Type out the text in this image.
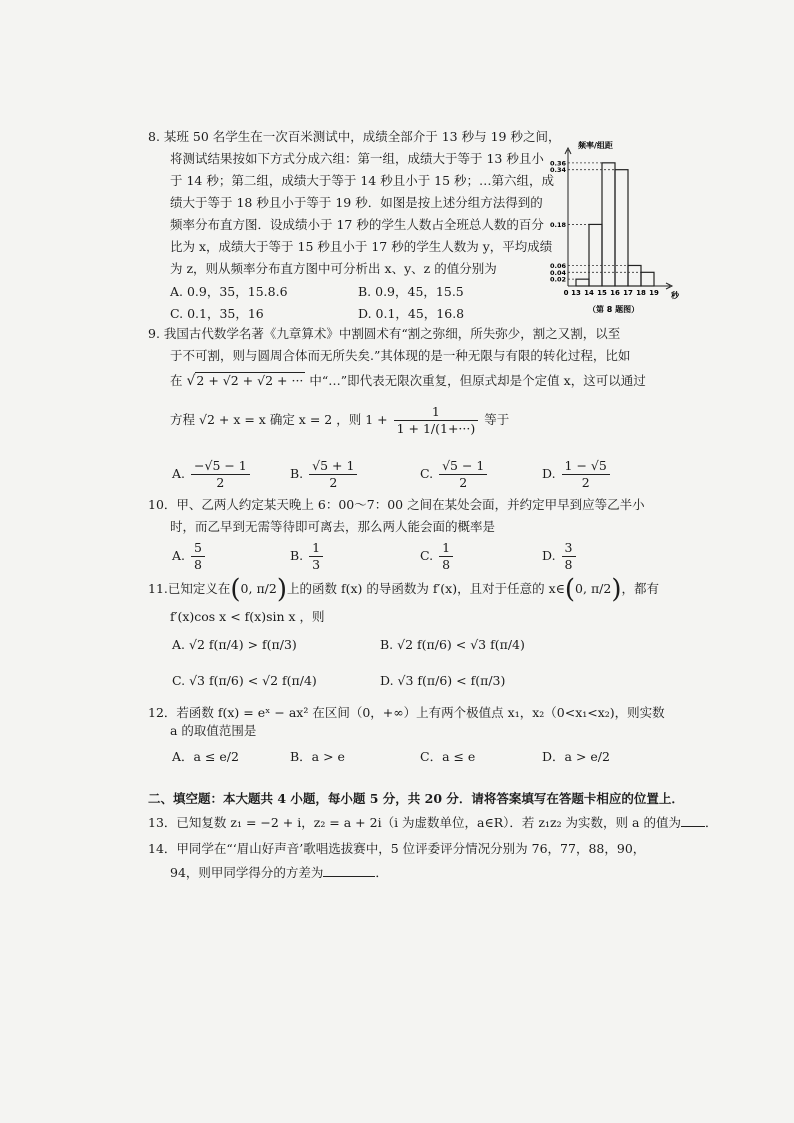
8. 某班 50 名学生在一次百米测试中，成绩全部介于 13 秒与 19 秒之间，
将测试结果按如下方式分成六组：第一组，成绩大于等于 13 秒且小
于 14 秒；第二组，成绩大于等于 14 秒且小于 15 秒；…第六组，成
绩大于等于 18 秒且小于等于 19 秒．如图是按上述分组方法得到的
频率分布直方图．设成绩小于 17 秒的学生人数占全班总人数的百分
比为 x，成绩大于等于 15 秒且小于 17 秒的学生人数为 y，平均成绩
为 z，则从频率分布直方图中可分析出 x、y、z 的值分别为
A. 0.9，35，15.8.6	B. 0.9，45，15.5
C. 0.1，35，16	D. 0.1，45，16.8
0.36
0.34
0.18
0.06
0.04
0.02
0 13 14 15 16 17 18 19
频率/组距
秒
（第 8 题图）
9. 我国古代数学名著《九章算术》中割圆术有“割之弥细，所失弥少，割之又割，以至
于不可割，则与圆周合体而无所失矣.”其体现的是一种无限与有限的转化过程，比如
在 √2 + √2 + √2 + ··· 中“…”即代表无限次重复，但原式却是个定值 x，这可以通过
方程 √2 + x = x 确定 x = 2 ，则 $1 + \frac{1}{1 + 1/(1+\cdot\cdot\cdot)}$ 等于
A. $\frac{-√5 - 1}{2}$	B. $\frac{√5 + 1}{2}$	C. $\frac{√5 - 1}{2}$	D. $\frac{1 - √5}{2}$
10．甲、乙两人约定某天晚上 6：00～7：00 之间在某处会面，并约定甲早到应等乙半小
时，而乙早到无需等待即可离去，那么两人能会面的概率是
A. $\frac{5}{8}$	B. $\frac{1}{3}$	C. $\frac{1}{8}$	D. $\frac{3}{8}$
11.已知定义在(0, π/2)上的函数 f(x) 的导函数为 f′(x)，且对于任意的 x∈(0, π/2)，都有
f′(x)cos x < f(x)sin x ，则
A. √2 f(π/4) > f(π/3)	B. √2 f(π/6) < √3 f(π/4)
C. √3 f(π/6) < √2 f(π/4)	D. √3 f(π/6) < f(π/3)
12．若函数 f(x) = eˣ − ax² 在区间（0，+∞）上有两个极值点 x₁，x₂（0<x₁<x₂)，则实数
a 的取值范围是
A．a ≤ e/2	B．a > e	C．a ≤ e	D．a > e/2
二、填空题：本大题共 4 小题，每小题 5 分，共 20 分．请将答案填写在答题卡相应的位置上．
13．已知复数 z₁ = −2 + i，z₂ = a + 2i（i 为虚数单位，a∈R）．若 z₁z₂ 为实数，则 a 的值为 ．
14．甲同学在“‘眉山好声音’歌唱选拔赛中，5 位评委评分情况分别为 76，77，88，90，
94，则甲同学得分的方差为	．
